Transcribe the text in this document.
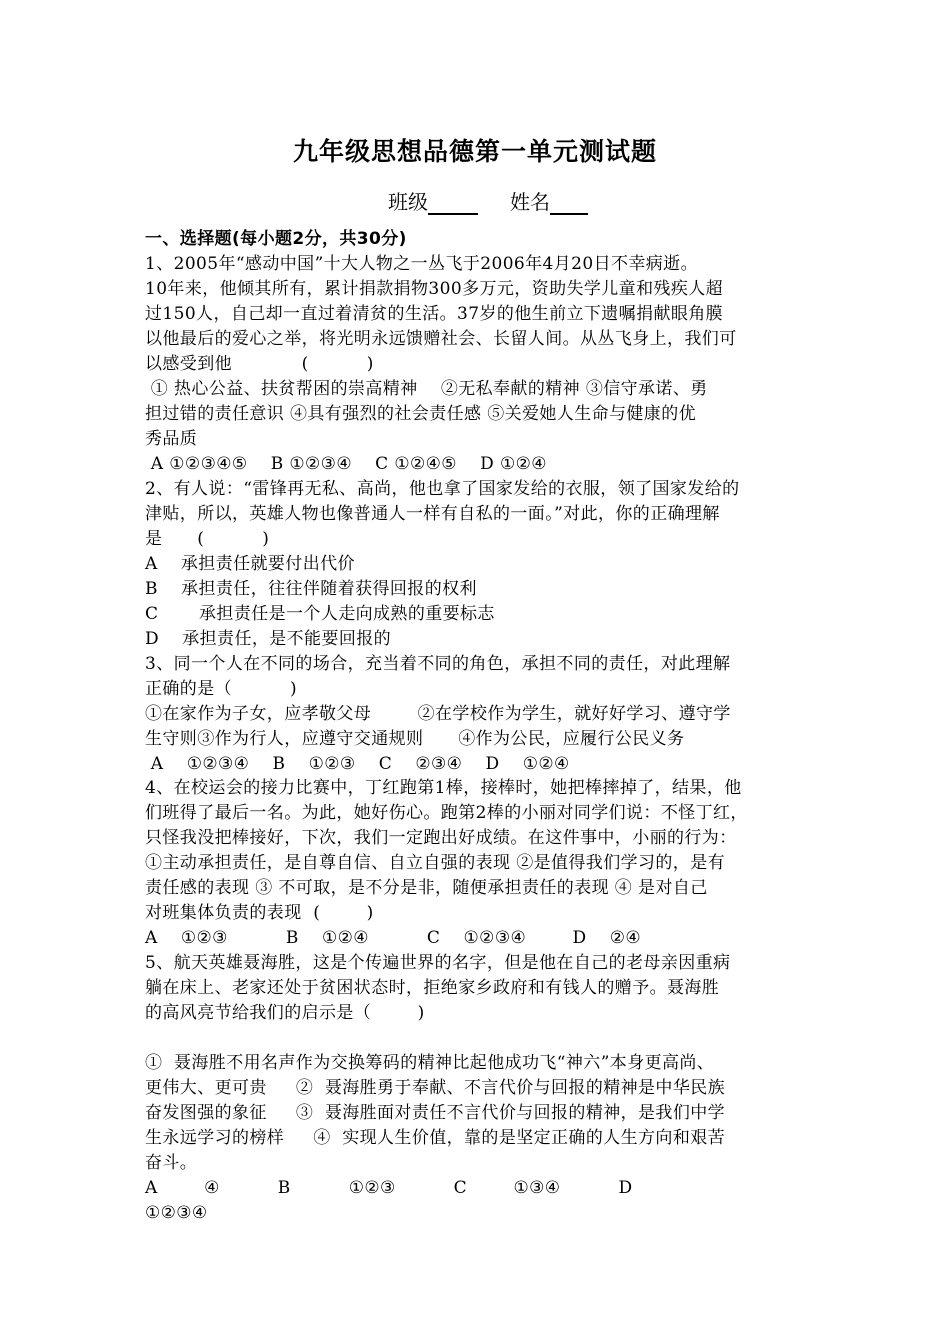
九年级思想品德第一单元测试题
班级	姓名
一、选择题(每小题2分，共30分)
1、2005年“感动中国”十大人物之一丛飞于2006年4月20日不幸病逝。
10年来，他倾其所有，累计捐款捐物300多万元，资助失学儿童和残疾人超
过150人，自己却一直过着清贫的生活。37岁的他生前立下遗嘱捐献眼角膜
以他最后的爱心之举，将光明永远馈赠社会、长留人间。从丛飞身上，我们可
以感受到他            (          )
① 热心公益、扶贫帮困的崇高精神    ②无私奉献的精神 ③信守承诺、勇
担过错的责任意识 ④具有强烈的社会责任感 ⑤关爱她人生命与健康的优
秀品质
A ①②③④⑤    B ①②③④    C ①②④⑤    D ①②④
2、有人说：“雷锋再无私、高尚，他也拿了国家发给的衣服，领了国家发给的
津贴，所以，英雄人物也像普通人一样有自私的一面。”对此，你的正确理解
是      (          )
A    承担责任就要付出代价
B    承担责任，往往伴随着获得回报的权利
C       承担责任是一个人走向成熟的重要标志
D    承担责任，是不能要回报的
3、同一个人在不同的场合，充当着不同的角色，承担不同的责任，对此理解
正确的是（          )
①在家作为子女，应孝敬父母        ②在学校作为学生，就好好学习、遵守学
生守则③作为行人，应遵守交通规则      ④作为公民，应履行公民义务
A    ①②③④    B    ①②③    C    ②③④    D    ①②④
4、在校运会的接力比赛中，丁红跑第1棒，接棒时，她把棒摔掉了，结果，他
们班得了最后一名。为此，她好伤心。跑第2棒的小丽对同学们说：不怪丁红，
只怪我没把棒接好，下次，我们一定跑出好成绩。在这件事中，小丽的行为：
①主动承担责任，是自尊自信、自立自强的表现 ②是值得我们学习的，是有
责任感的表现 ③ 不可取，是不分是非，随便承担责任的表现 ④ 是对自己
对班集体负责的表现  (        )
A    ①②③          B    ①②④          C    ①②③④        D    ②④
5、航天英雄聂海胜，这是个传遍世界的名字，但是他在自己的老母亲因重病
躺在床上、老家还处于贫困状态时，拒绝家乡政府和有钱人的赠予。聂海胜
的高风亮节给我们的启示是（        )
①  聂海胜不用名声作为交换筹码的精神比起他成功飞“神六”本身更高尚、
更伟大、更可贵     ②  聂海胜勇于奉献、不言代价与回报的精神是中华民族
奋发图强的象征     ③  聂海胜面对责任不言代价与回报的精神，是我们中学
生永远学习的榜样     ④  实现人生价值，靠的是坚定正确的人生方向和艰苦
奋斗。
A        ④          B          ①②③          C        ①③④          D
①②③④
